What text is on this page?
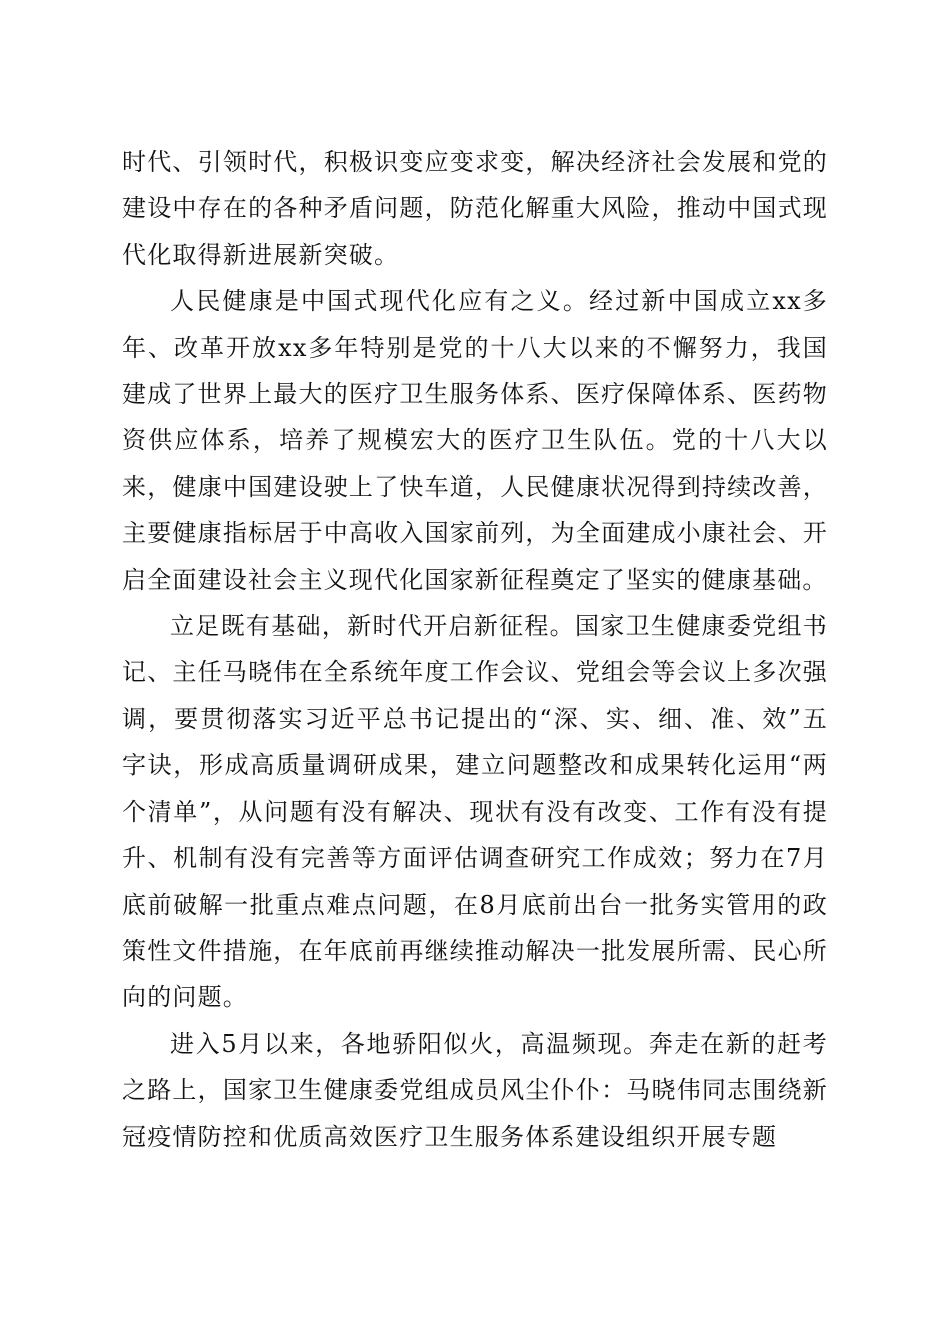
时代、引领时代，积极识变应变求变，解决经济社会发展和党的建设中存在的各种矛盾问题，防范化解重大风险，推动中国式现代化取得新进展新突破。

人民健康是中国式现代化应有之义。经过新中国成立xx多年、改革开放xx多年特别是党的十八大以来的不懈努力，我国建成了世界上最大的医疗卫生服务体系、医疗保障体系、医药物资供应体系，培养了规模宏大的医疗卫生队伍。党的十八大以来，健康中国建设驶上了快车道，人民健康状况得到持续改善，主要健康指标居于中高收入国家前列，为全面建成小康社会、开启全面建设社会主义现代化国家新征程奠定了坚实的健康基础。

立足既有基础，新时代开启新征程。国家卫生健康委党组书记、主任马晓伟在全系统年度工作会议、党组会等会议上多次强调，要贯彻落实习近平总书记提出的“深、实、细、准、效”五字诀，形成高质量调研成果，建立问题整改和成果转化运用“两个清单”，从问题有没有解决、现状有没有改变、工作有没有提升、机制有没有完善等方面评估调查研究工作成效；努力在7月底前破解一批重点难点问题，在8月底前出台一批务实管用的政策性文件措施，在年底前再继续推动解决一批发展所需、民心所向的问题。

进入5月以来，各地骄阳似火，高温频现。奔走在新的赶考之路上，国家卫生健康委党组成员风尘仆仆：马晓伟同志围绕新冠疫情防控和优质高效医疗卫生服务体系建设组织开展专题
